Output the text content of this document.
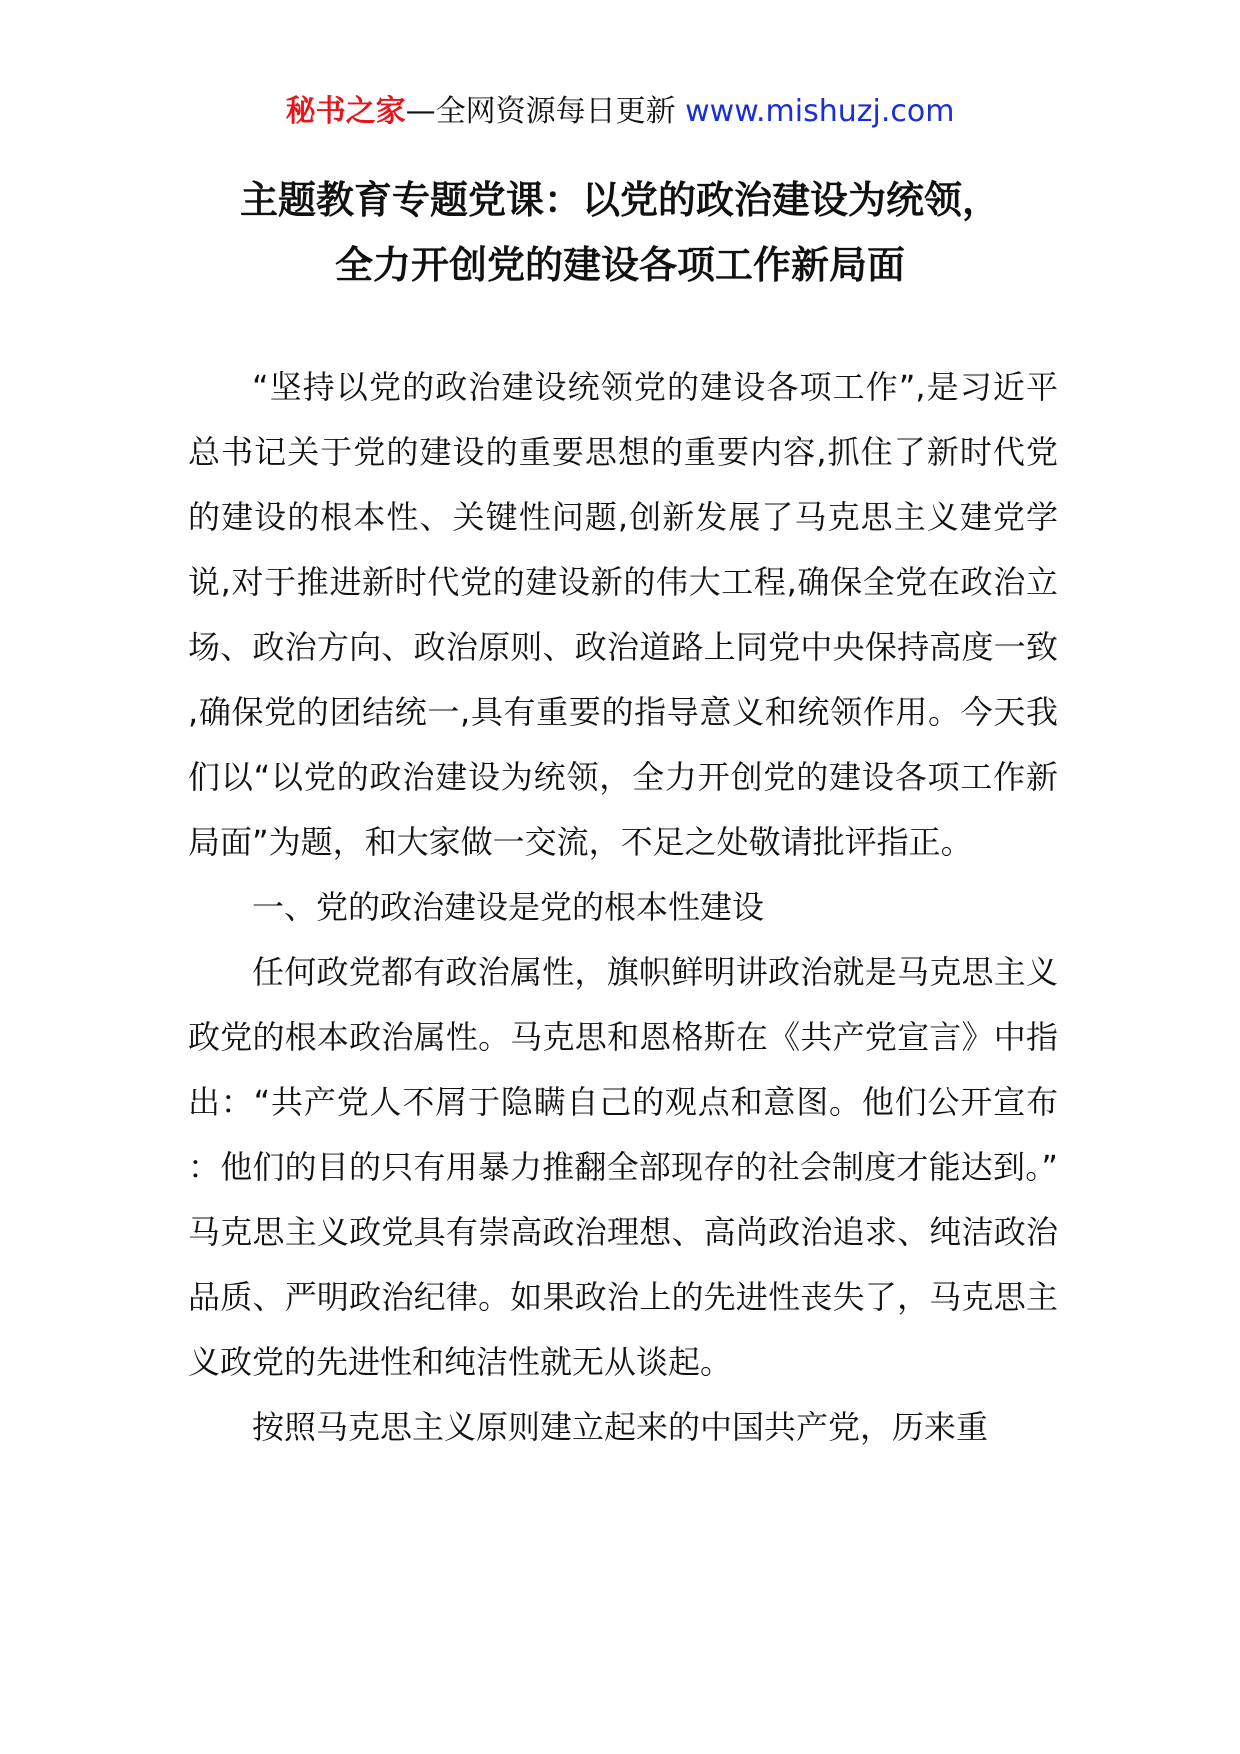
秘书之家—全网资源每日更新 www.mishuzj.com
主题教育专题党课：以党的政治建设为统领，
全力开创党的建设各项工作新局面

“坚持以党的政治建设统领党的建设各项工作”,是习近平总书记关于党的建设的重要思想的重要内容,抓住了新时代党的建设的根本性、关键性问题,创新发展了马克思主义建党学说,对于推进新时代党的建设新的伟大工程,确保全党在政治立场、政治方向、政治原则、政治道路上同党中央保持高度一致,确保党的团结统一,具有重要的指导意义和统领作用。今天我们以“以党的政治建设为统领，全力开创党的建设各项工作新局面”为题，和大家做一交流，不足之处敬请批评指正。

一、党的政治建设是党的根本性建设

任何政党都有政治属性，旗帜鲜明讲政治就是马克思主义政党的根本政治属性。马克思和恩格斯在《共产党宣言》中指出：“共产党人不屑于隐瞒自己的观点和意图。他们公开宣布：他们的目的只有用暴力推翻全部现存的社会制度才能达到。”马克思主义政党具有崇高政治理想、高尚政治追求、纯洁政治品质、严明政治纪律。如果政治上的先进性丧失了，马克思主义政党的先进性和纯洁性就无从谈起。

按照马克思主义原则建立起来的中国共产党，历来重
